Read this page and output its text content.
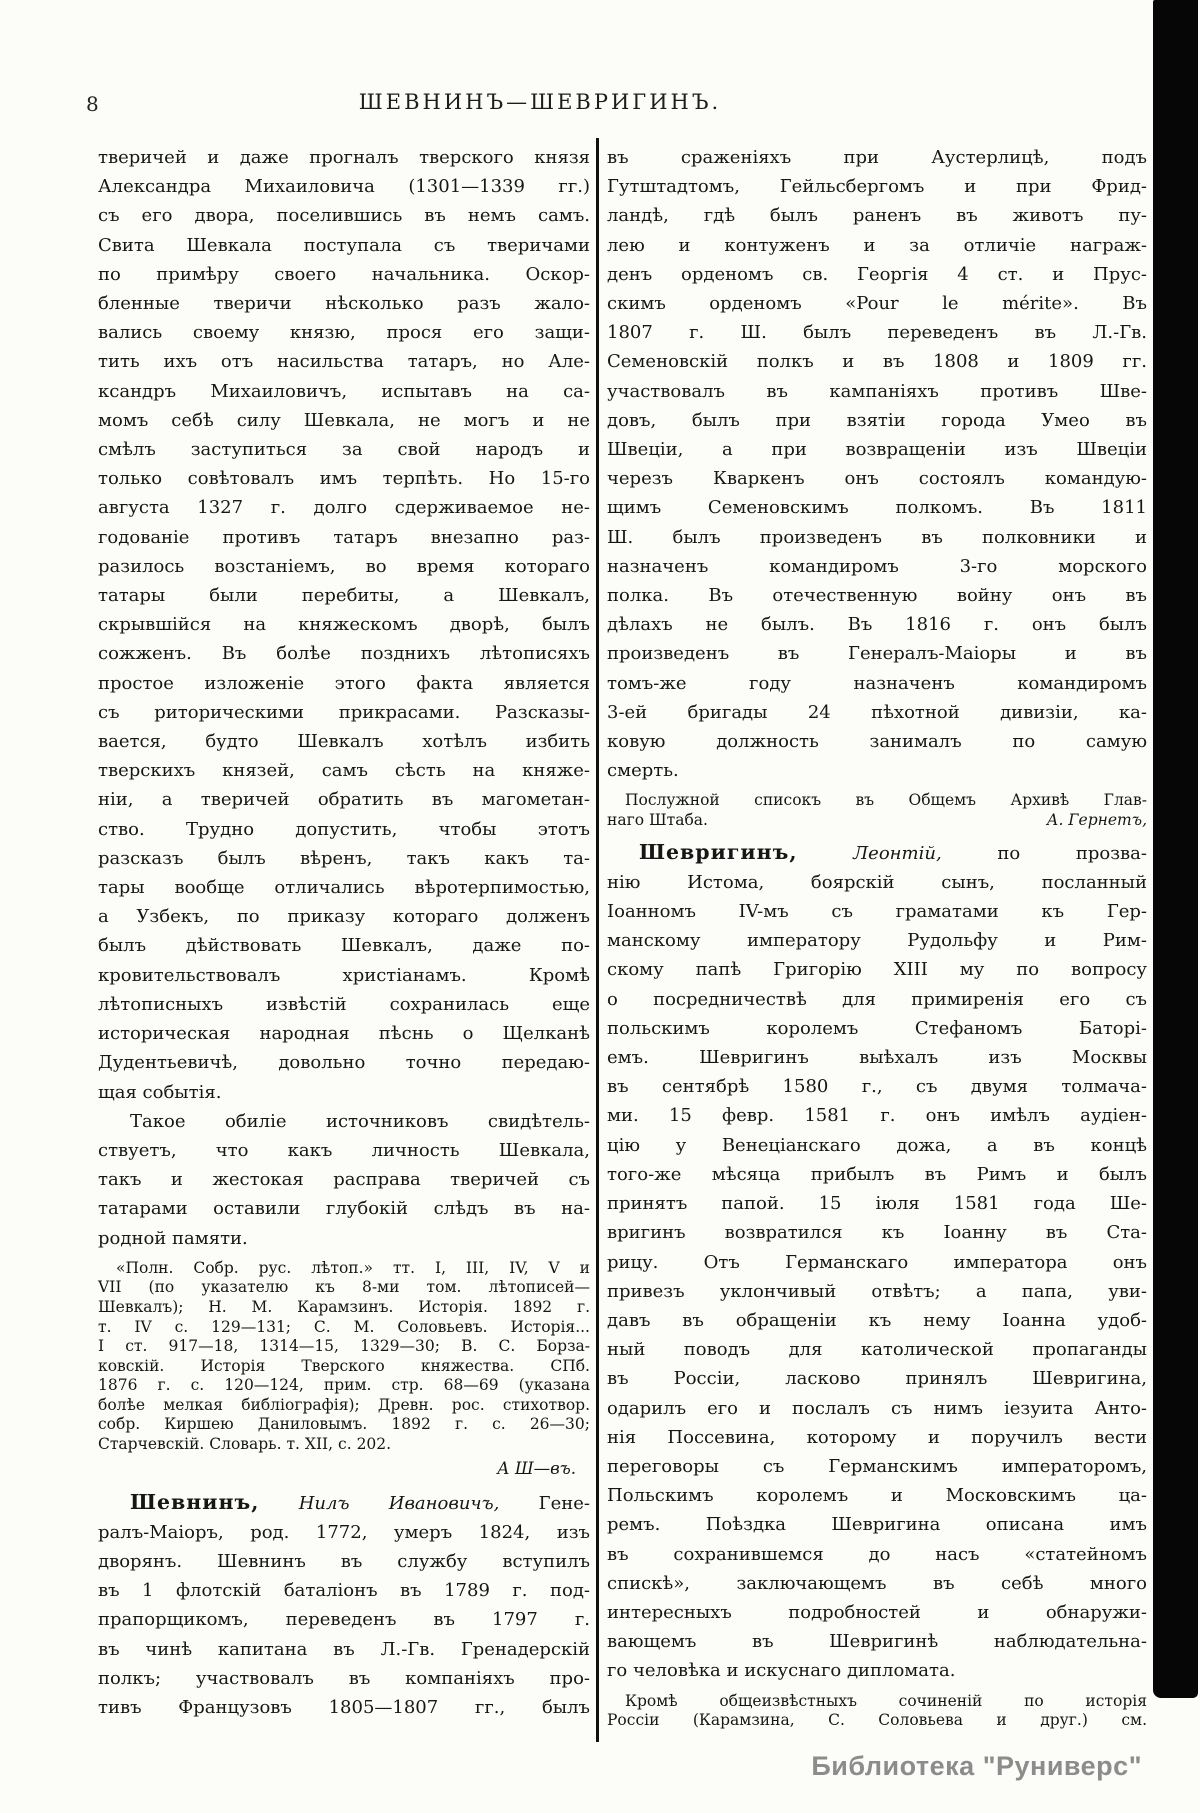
8	ШЕВНИНЪ—ШЕВРИГИНЪ.
тверичей и даже прогналъ тверского князя
Александра Михаиловича (1301—1339 гг.)
съ его двора, поселившись въ немъ самъ.
Свита Шевкала поступала съ тверичами
по примѣру своего начальника. Оскор-
бленные тверичи нѣсколько разъ жало-
вались своему князю, прося его защи-
тить ихъ отъ насильства татаръ, но Але-
ксандръ Михаиловичъ, испытавъ на са-
момъ себѣ силу Шевкала, не могъ и не
смѣлъ заступиться за свой народъ и
только совѣтовалъ имъ терпѣть. Но 15-го
августа 1327 г. долго сдерживаемое не-
годованіе противъ татаръ внезапно раз-
разилось возстаніемъ, во время котораго
татары были перебиты, а Шевкалъ,
скрывшійся на княжескомъ дворѣ, былъ
сожженъ. Въ болѣе позднихъ лѣтописяхъ
простое изложеніе этого факта является
съ риторическими прикрасами. Разсказы-
вается, будто Шевкалъ хотѣлъ избить
тверскихъ князей, самъ сѣсть на княже-
ніи, а тверичей обратить въ магометан-
ство. Трудно допустить, чтобы этотъ
разсказъ былъ вѣренъ, такъ какъ та-
тары вообще отличались вѣротерпимостью,
а Узбекъ, по приказу котораго долженъ
былъ дѣйствовать Шевкалъ, даже по-
кровительствовалъ христіанамъ. Кромѣ
лѣтописныхъ извѣстій сохранилась еще
историческая народная пѣснь о Щелканѣ
Дудентьевичѣ, довольно точно передаю-
щая событія.
Такое обиліе источниковъ свидѣтель-
ствуетъ, что какъ личность Шевкала,
такъ и жестокая расправа тверичей съ
татарами оставили глубокій слѣдъ въ на-
родной памяти.
«Полн. Собр. рус. лѣтоп.» тт. I, III, IV, V и
VII (по указателю къ 8-ми том. лѣтописей—
Шевкалъ); Н. М. Карамзинъ. Исторія. 1892 г.
т. IV с. 129—131; С. М. Соловьевъ. Исторія...
I ст. 917—18, 1314—15, 1329—30; В. С. Борза-
ковскій. Исторія Тверского княжества. СПб.
1876 г. с. 120—124, прим. стр. 68—69 (указана
болѣе мелкая библіографія); Древн. рос. стихотвор.
собр. Киршею Даниловымъ. 1892 г. с. 26—30;
Старчевскій. Словарь. т. XII, с. 202.
А Ш—въ.
Шевнинъ, Нилъ Ивановичъ, Гене-
ралъ-Маіоръ, род. 1772, умеръ 1824, изъ
дворянъ. Шевнинъ въ службу вступилъ
въ 1 флотскій баталіонъ въ 1789 г. под-
прапорщикомъ, переведенъ въ 1797 г.
въ чинѣ капитана въ Л.-Гв. Гренадерскій
полкъ; участвовалъ въ компаніяхъ про-
тивъ Французовъ 1805—1807 гг., былъ
въ сраженіяхъ при Аустерлицѣ, подъ
Гутштадтомъ, Гейльсбергомъ и при Фрид-
ландѣ, гдѣ былъ раненъ въ животъ пу-
лею и контуженъ и за отличіе награж-
денъ орденомъ св. Георгія 4 ст. и Прус-
скимъ орденомъ «Pour le mérite». Въ
1807 г. Ш. былъ переведенъ въ Л.-Гв.
Семеновскій полкъ и въ 1808 и 1809 гг.
участвовалъ въ кампаніяхъ противъ Шве-
довъ, былъ при взятіи города Умео въ
Швеціи, а при возвращеніи изъ Швеціи
черезъ Кваркенъ онъ состоялъ командую-
щимъ Семеновскимъ полкомъ. Въ 1811
Ш. былъ произведенъ въ полковники и
назначенъ командиромъ 3-го морского
полка. Въ отечественную войну онъ въ
дѣлахъ не былъ. Въ 1816 г. онъ былъ
произведенъ въ Генералъ-Маіоры и въ
томъ-же году назначенъ командиромъ
3-ей бригады 24 пѣхотной дивизіи, ка-
ковую должность занималъ по самую
смерть.
Послужной списокъ въ Общемъ Архивѣ Глав-
наго Штаба.	А. Гернетъ,
Шевригинъ,	Леонтій, по прозва-
нію Истома, боярскій сынъ, посланный
Іоанномъ IV-мъ съ граматами къ Гер-
манскому императору Рудольфу и Рим-
скому папѣ Григорію XIII му по вопросу
о посредничествѣ для примиренія его съ
польскимъ королемъ Стефаномъ Баторі-
емъ. Шевригинъ выѣхалъ изъ Москвы
въ сентябрѣ 1580 г., съ двумя толмача-
ми. 15 февр. 1581 г. онъ имѣлъ аудіен-
цію у Венеціанскаго дожа, а въ концѣ
того-же мѣсяца прибылъ въ Римъ и былъ
принятъ папой. 15 іюля 1581 года Ше-
вригинъ возвратился къ Іоанну въ Ста-
рицу. Отъ Германскаго императора онъ
привезъ уклончивый отвѣтъ; а папа, уви-
давъ въ обращеніи къ нему Іоанна удоб-
ный поводъ для католической пропаганды
въ Россіи, ласково принялъ Шевригина,
одарилъ его и послалъ съ нимъ іезуита Анто-
нія Поссевина, которому и поручилъ вести
переговоры съ Германскимъ императоромъ,
Польскимъ королемъ и Московскимъ ца-
ремъ. Поѣздка Шевригина описана имъ
въ сохранившемся до насъ «статейномъ
спискѣ», заключающемъ въ себѣ много
интересныхъ подробностей и обнаружи-
вающемъ въ Шевригинѣ наблюдательна-
го человѣка и искуснаго дипломата.
Кромѣ общеизвѣстныхъ сочиненій по исторія
Россіи (Карамзина, С. Соловьева и друг.) см.
Библиотека "Руниверс"
